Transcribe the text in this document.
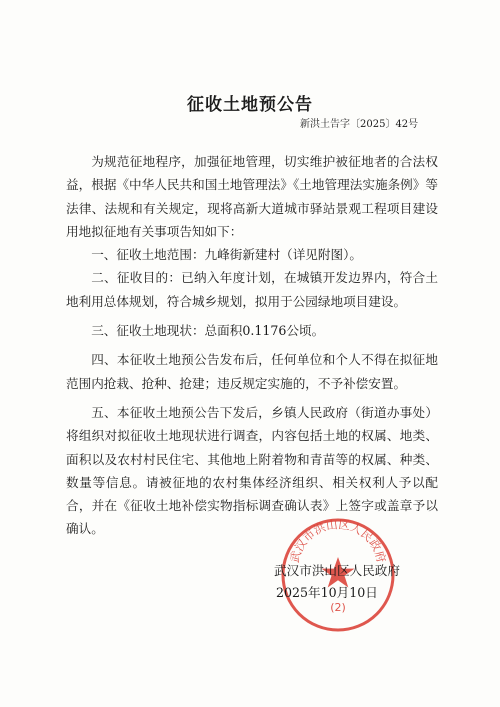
征收土地预公告
新洪土告字〔2025〕42号

为规范征地程序，加强征地管理，切实维护被征地者的合法权益，根据《中华人民共和国土地管理法》《土地管理法实施条例》等法律、法规和有关规定，现将高新大道城市驿站景观工程项目建设用地拟征地有关事项告知如下：

一、征收土地范围：九峰街新建村（详见附图）。

二、征收目的：已纳入年度计划，在城镇开发边界内，符合土地利用总体规划，符合城乡规划，拟用于公园绿地项目建设。

三、征收土地现状：总面积0.1176公顷。

四、本征收土地预公告发布后，任何单位和个人不得在拟征地范围内抢栽、抢种、抢建；违反规定实施的，不予补偿安置。

五、本征收土地预公告下发后，乡镇人民政府（街道办事处）将组织对拟征收土地现状进行调查，内容包括土地的权属、地类、面积以及农村村民住宅、其他地上附着物和青苗等的权属、种类、数量等信息。请被征地的农村集体经济组织、相关权利人予以配合，并在《征收土地补偿实物指标调查确认表》上签字或盖章予以确认。

武汉市洪山区人民政府
(2)
武汉市洪山区人民政府
2025年10月10日
